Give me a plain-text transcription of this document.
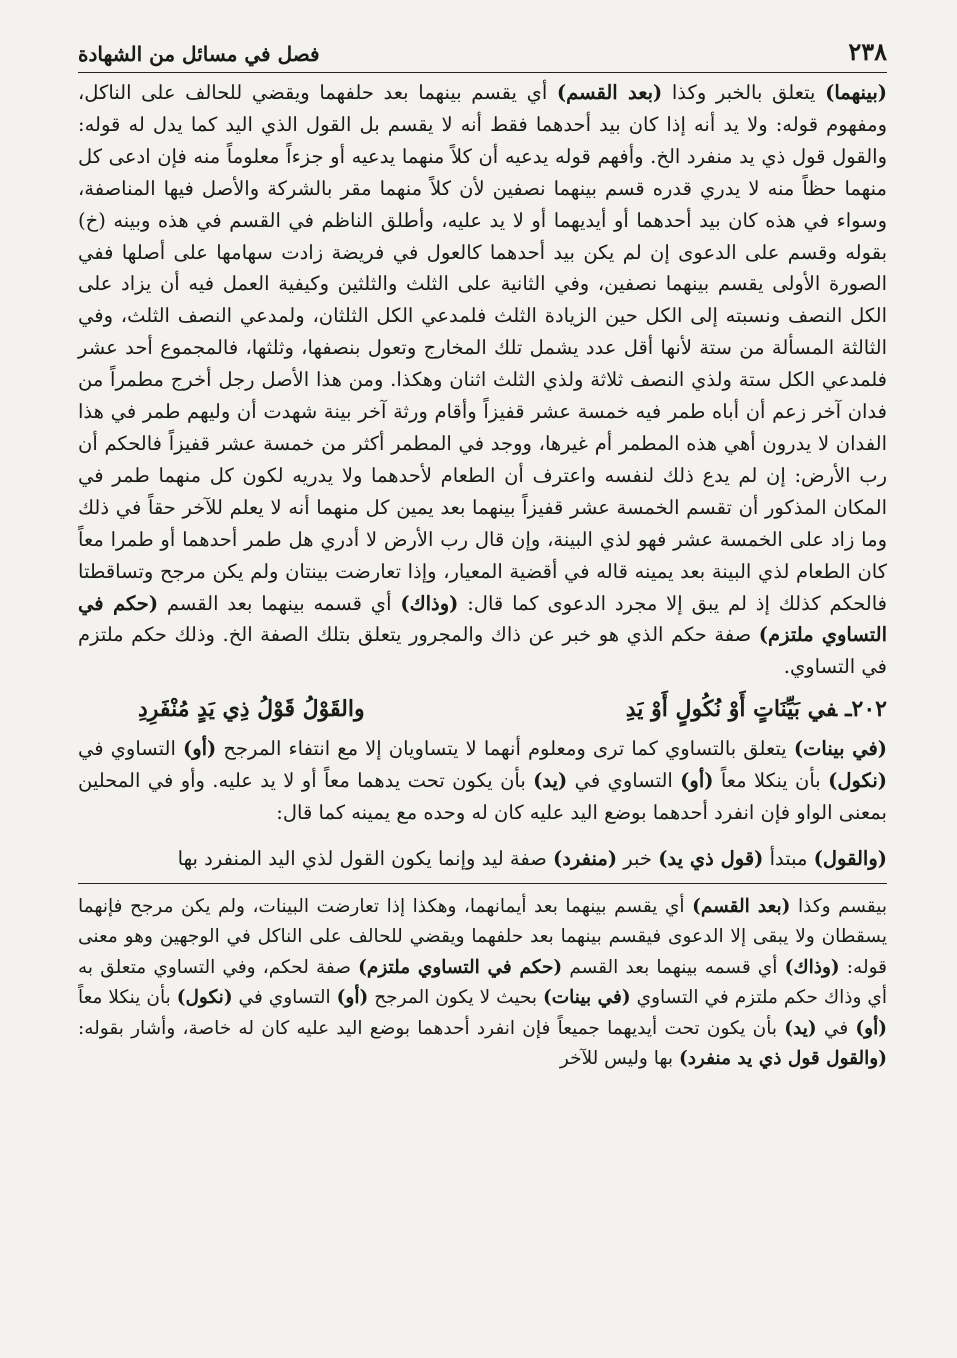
٢٣٨
فصل في مسائل من الشهادة

(بينهما) يتعلق بالخبر وكذا (بعد القسم) أي يقسم بينهما بعد حلفهما ويقضي للحالف على الناكل، ومفهوم قوله: ولا يد أنه إذا كان بيد أحدهما فقط أنه لا يقسم بل القول الذي اليد كما يدل له قوله: والقول قول ذي يد منفرد الخ. وأفهم قوله يدعيه أن كلاً منهما يدعيه أو جزءاً معلوماً منه فإن ادعى كل منهما حظاً منه لا يدري قدره قسم بينهما نصفين لأن كلاً منهما مقر بالشركة والأصل فيها المناصفة، وسواء في هذه كان بيد أحدهما أو أيديهما أو لا يد عليه، وأطلق الناظم في القسم في هذه وبينه (خ) بقوله وقسم على الدعوى إن لم يكن بيد أحدهما كالعول في فريضة زادت سهامها على أصلها ففي الصورة الأولى يقسم بينهما نصفين، وفي الثانية على الثلث والثلثين وكيفية العمل فيه أن يزاد على الكل النصف ونسبته إلى الكل حين الزيادة الثلث فلمدعي الكل الثلثان، ولمدعي النصف الثلث، وفي الثالثة المسألة من ستة لأنها أقل عدد يشمل تلك المخارج وتعول بنصفها، وثلثها، فالمجموع أحد عشر فلمدعي الكل ستة ولذي النصف ثلاثة ولذي الثلث اثنان وهكذا. ومن هذا الأصل رجل أخرج مطمراً من فدان آخر زعم أن أباه طمر فيه خمسة عشر قفيزاً وأقام ورثة آخر بينة شهدت أن وليهم طمر في هذا الفدان لا يدرون أهي هذه المطمر أم غيرها، ووجد في المطمر أكثر من خمسة عشر قفيزاً فالحكم أن رب الأرض: إن لم يدع ذلك لنفسه واعترف أن الطعام لأحدهما ولا يدريه لكون كل منهما طمر في المكان المذكور أن تقسم الخمسة عشر قفيزاً بينهما بعد يمين كل منهما أنه لا يعلم للآخر حقاً في ذلك وما زاد على الخمسة عشر فهو لذي البينة، وإن قال رب الأرض لا أدري هل طمر أحدهما أو طمرا معاً كان الطعام لذي البينة بعد يمينه قاله في أقضية المعيار، وإذا تعارضت بينتان ولم يكن مرجح وتساقطتا فالحكم كذلك إذ لم يبق إلا مجرد الدعوى كما قال: (وذاك) أي قسمه بينهما بعد القسم (حكم في التساوي ملتزم) صفة حكم الذي هو خبر عن ذاك والمجرور يتعلق بتلك الصفة الخ. وذلك حكم ملتزم في التساوي.

٢٠٢ـفي بَيِّنَاتٍ أَوْ نُكُولٍ أَوْ يَدِ
والقَوْلُ قَوْلُ ذِي يَدٍ مُنْفَرِدِ

(في بينات) يتعلق بالتساوي كما ترى ومعلوم أنهما لا يتساويان إلا مع انتفاء المرجح (أو) التساوي في (نكول) بأن ينكلا معاً (أو) التساوي في (يد) بأن يكون تحت يدهما معاً أو لا يد عليه. وأو في المحلين بمعنى الواو فإن انفرد أحدهما بوضع اليد عليه كان له وحده مع يمينه كما قال:

(والقول) مبتدأ (قول ذي يد) خبر (منفرد) صفة ليد وإنما يكون القول لذي اليد المنفرد بها

بيقسم وكذا (بعد القسم) أي يقسم بينهما بعد أيمانهما، وهكذا إذا تعارضت البينات، ولم يكن مرجح فإنهما يسقطان ولا يبقى إلا الدعوى فيقسم بينهما بعد حلفهما ويقضي للحالف على الناكل في الوجهين وهو معنى قوله: (وذاك) أي قسمه بينهما بعد القسم (حكم في التساوي ملتزم) صفة لحكم، وفي التساوي متعلق به أي وذاك حكم ملتزم في التساوي (في بينات) بحيث لا يكون المرجح (أو) التساوي في (نكول) بأن ينكلا معاً (أو) في (يد) بأن يكون تحت أيديهما جميعاً فإن انفرد أحدهما بوضع اليد عليه كان له خاصة، وأشار بقوله: (والقول قول ذي يد منفرد) بها وليس للآخر
